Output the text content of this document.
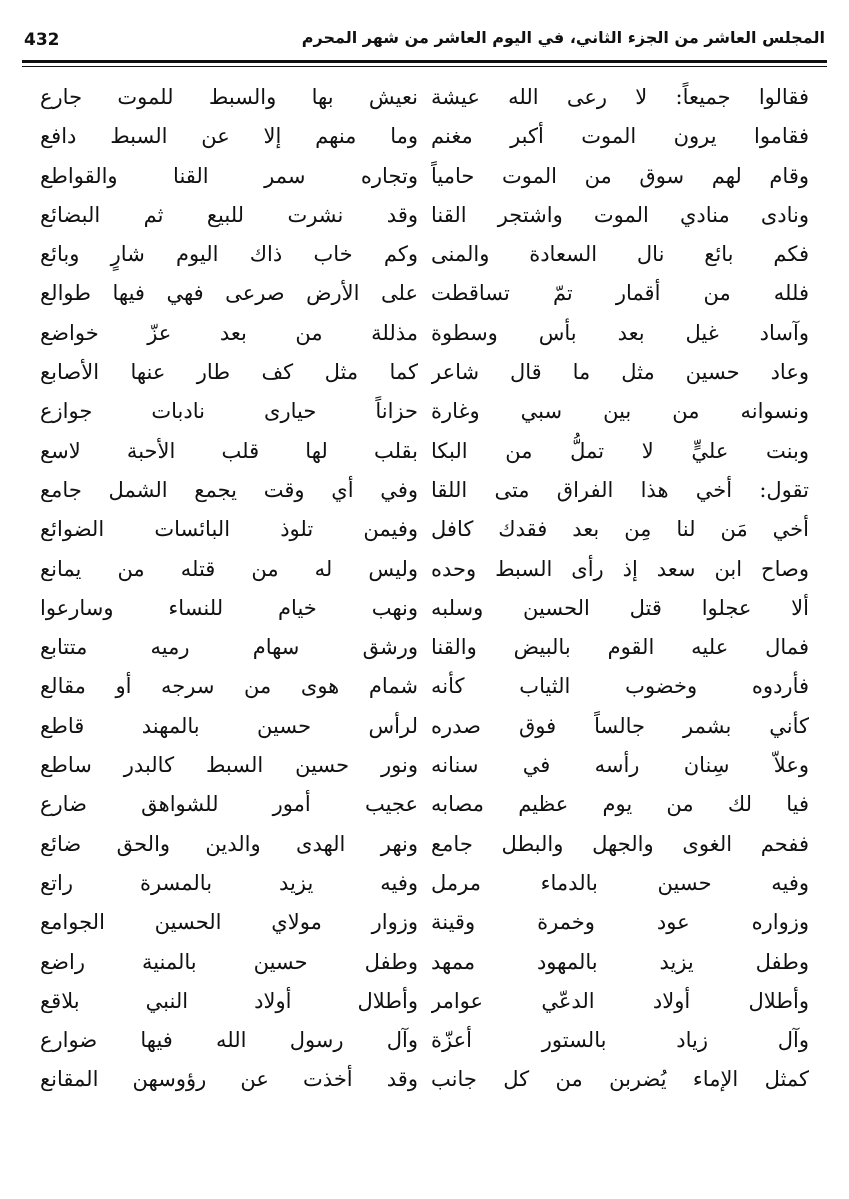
432	المجلس العاشر من الجزء الثاني، في اليوم العاشر من شهر المحرم
فقالوا جميعاً: لا رعى الله عيشة
فقاموا يرون الموت أكبر مغنم
وقام لهم سوق من الموت حامياً
ونادى منادي الموت واشتجر القنا
فكم بائع نال السعادة والمنى
فلله من أقمار تمّ تساقطت
وآساد غيل بعد بأس وسطوة
وعاد حسين مثل ما قال شاعر
ونسوانه من بين سبي وغارة
وبنت عليٍّ لا تملُّ من البكا
تقول: أخي هذا الفراق متى اللقا
أخي مَن لنا مِن بعد فقدك كافل
وصاح ابن سعد إذ رأى السبط وحده
ألا عجلوا قتل الحسين وسلبه
فمال عليه القوم بالبيض والقنا
فأردوه وخضوب الثياب كأنه
كأني بشمر جالساً فوق صدره
وعلاّ سِنان رأسه في سنانه
فيا لك من يوم عظيم مصابه
ففحم الغوى والجهل والبطل جامع
وفيه حسين بالدماء مرمل
وزواره عود وخمرة وقينة
وطفل يزيد بالمهود ممهد
وأطلال أولاد الدعّي عوامر
وآل زياد بالستور أعزّة
كمثل الإماء يُضربن من كل جانب
نعيش بها والسبط للموت جارع
وما منهم إلا عن السبط دافع
وتجاره سمر القنا والقواطع
وقد نشرت للبيع ثم البضائع
وكم خاب ذاك اليوم شارٍ وبائع
على الأرض صرعى فهي فيها طوالع
مذللة من بعد عزّ خواضع
كما مثل كف طار عنها الأصابع
حزاناً حيارى نادبات جوازع
بقلب لها قلب الأحبة لاسع
وفي أي وقت يجمع الشمل جامع
وفيمن تلوذ البائسات الضوائع
وليس له من قتله من يمانع
ونهب خيام للنساء وسارعوا
ورشق سهام رميه متتابع
شمام هوى من سرجه أو مقالع
لرأس حسين بالمهند قاطع
ونور حسين السبط كالبدر ساطع
عجيب أمور للشواهق ضارع
ونهر الهدى والدين والحق ضائع
وفيه يزيد بالمسرة راتع
وزوار مولاي الحسين الجوامع
وطفل حسين بالمنية راضع
وأطلال أولاد النبي بلاقع
وآل رسول الله فيها ضوارع
وقد أخذت عن رؤوسهن المقانع
